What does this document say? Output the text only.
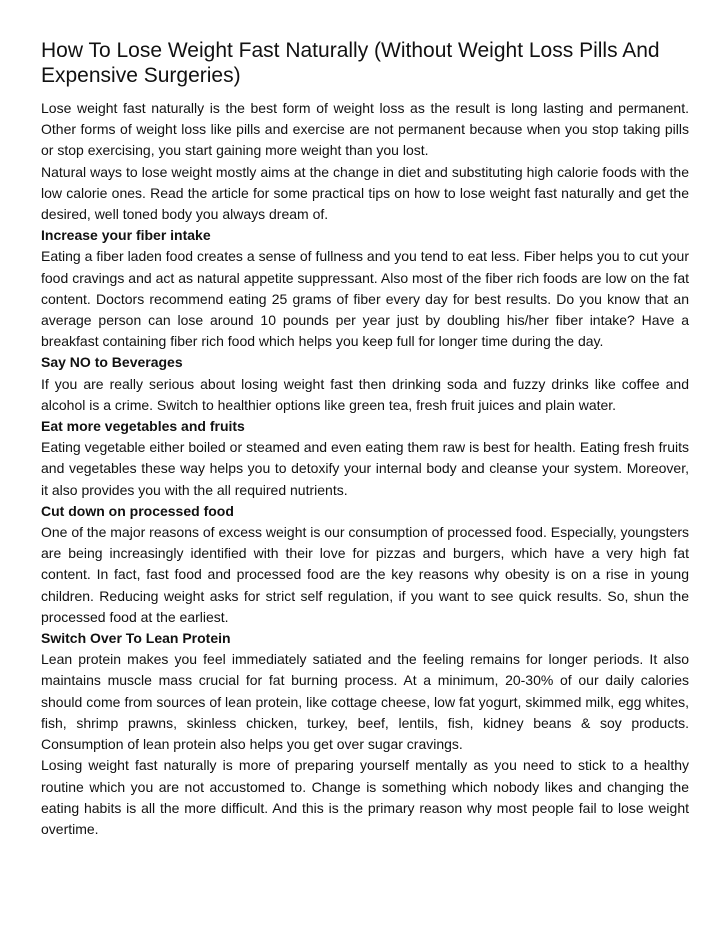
How To Lose Weight Fast Naturally (Without Weight Loss Pills And Expensive Surgeries)

Lose weight fast naturally is the best form of weight loss as the result is long lasting and permanent. Other forms of weight loss like pills and exercise are not permanent because when you stop taking pills or stop exercising, you start gaining more weight than you lost.

Natural ways to lose weight mostly aims at the change in diet and substituting high calorie foods with the low calorie ones. Read the article for some practical tips on how to lose weight fast naturally and get the desired, well toned body you always dream of.

Increase your fiber intake

Eating a fiber laden food creates a sense of fullness and you tend to eat less. Fiber helps you to cut your food cravings and act as natural appetite suppressant. Also most of the fiber rich foods are low on the fat content. Doctors recommend eating 25 grams of fiber every day for best results. Do you know that an average person can lose around 10 pounds per year just by doubling his/her fiber intake? Have a breakfast containing fiber rich food which helps you keep full for longer time during the day.

Say NO to Beverages

If you are really serious about losing weight fast then drinking soda and fuzzy drinks like coffee and alcohol is a crime. Switch to healthier options like green tea, fresh fruit juices and plain water.

Eat more vegetables and fruits

Eating vegetable either boiled or steamed and even eating them raw is best for health. Eating fresh fruits and vegetables these way helps you to detoxify your internal body and cleanse your system. Moreover, it also provides you with the all required nutrients.

Cut down on processed food

One of the major reasons of excess weight is our consumption of processed food. Especially, youngsters are being increasingly identified with their love for pizzas and burgers, which have a very high fat content. In fact, fast food and processed food are the key reasons why obesity is on a rise in young children. Reducing weight asks for strict self regulation, if you want to see quick results. So, shun the processed food at the earliest.

Switch Over To Lean Protein

Lean protein makes you feel immediately satiated and the feeling remains for longer periods. It also maintains muscle mass crucial for fat burning process. At a minimum, 20-30% of our daily calories should come from sources of lean protein, like cottage cheese, low fat yogurt, skimmed milk, egg whites, fish, shrimp prawns, skinless chicken, turkey, beef, lentils, fish, kidney beans & soy products. Consumption of lean protein also helps you get over sugar cravings.

Losing weight fast naturally is more of preparing yourself mentally as you need to stick to a healthy routine which you are not accustomed to. Change is something which nobody likes and changing the eating habits is all the more difficult. And this is the primary reason why most people fail to lose weight overtime.
